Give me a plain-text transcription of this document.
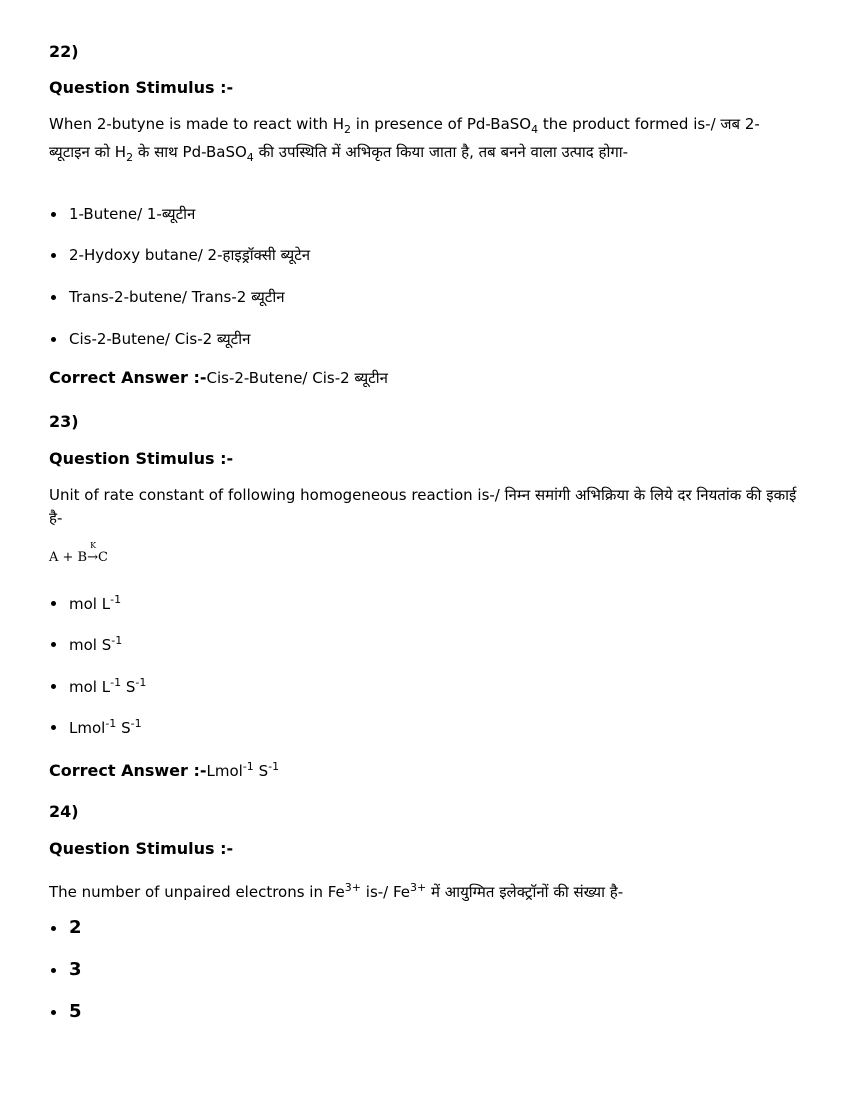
22)
Question Stimulus :-
When 2-butyne is made to react with $H_2$ in presence of Pd-BaSO$_4$ the product formed is-/ जब 2-ब्यूटाइन को $H_2$ के साथ Pd-BaSO$_4$ की उपस्थिति में अभिकृत किया जाता है, तब बनने वाला उत्पाद होगा-
1-Butene/ 1-ब्यूटीन
2-Hydoxy butane/ 2-हाइड्रॉक्सी ब्यूटेन
Trans-2-butene/ Trans-2 ब्यूटीन
Cis-2-Butene/ Cis-2 ब्यूटीन
Correct Answer :-Cis-2-Butene/ Cis-2 ब्यूटीन
23)
Question Stimulus :-
Unit of rate constant of following homogeneous reaction is-/ निम्न समांगी अभिक्रिया के लिये दर नियतांक की इकाई है-
A + B
K
→C
mol $L^{-1}$
mol $S^{-1}$
mol $L^{-1}$ $S^{-1}$
Lmol$^{-1}$ $S^{-1}$
Correct Answer :-Lmol$^{-1}$ $S^{-1}$
24)
Question Stimulus :-
The number of unpaired electrons in $Fe^{3+}$ is-/ $Fe^{3+}$ में आयुग्मित इलेक्ट्रॉनों की संख्या है-
2
3
5
